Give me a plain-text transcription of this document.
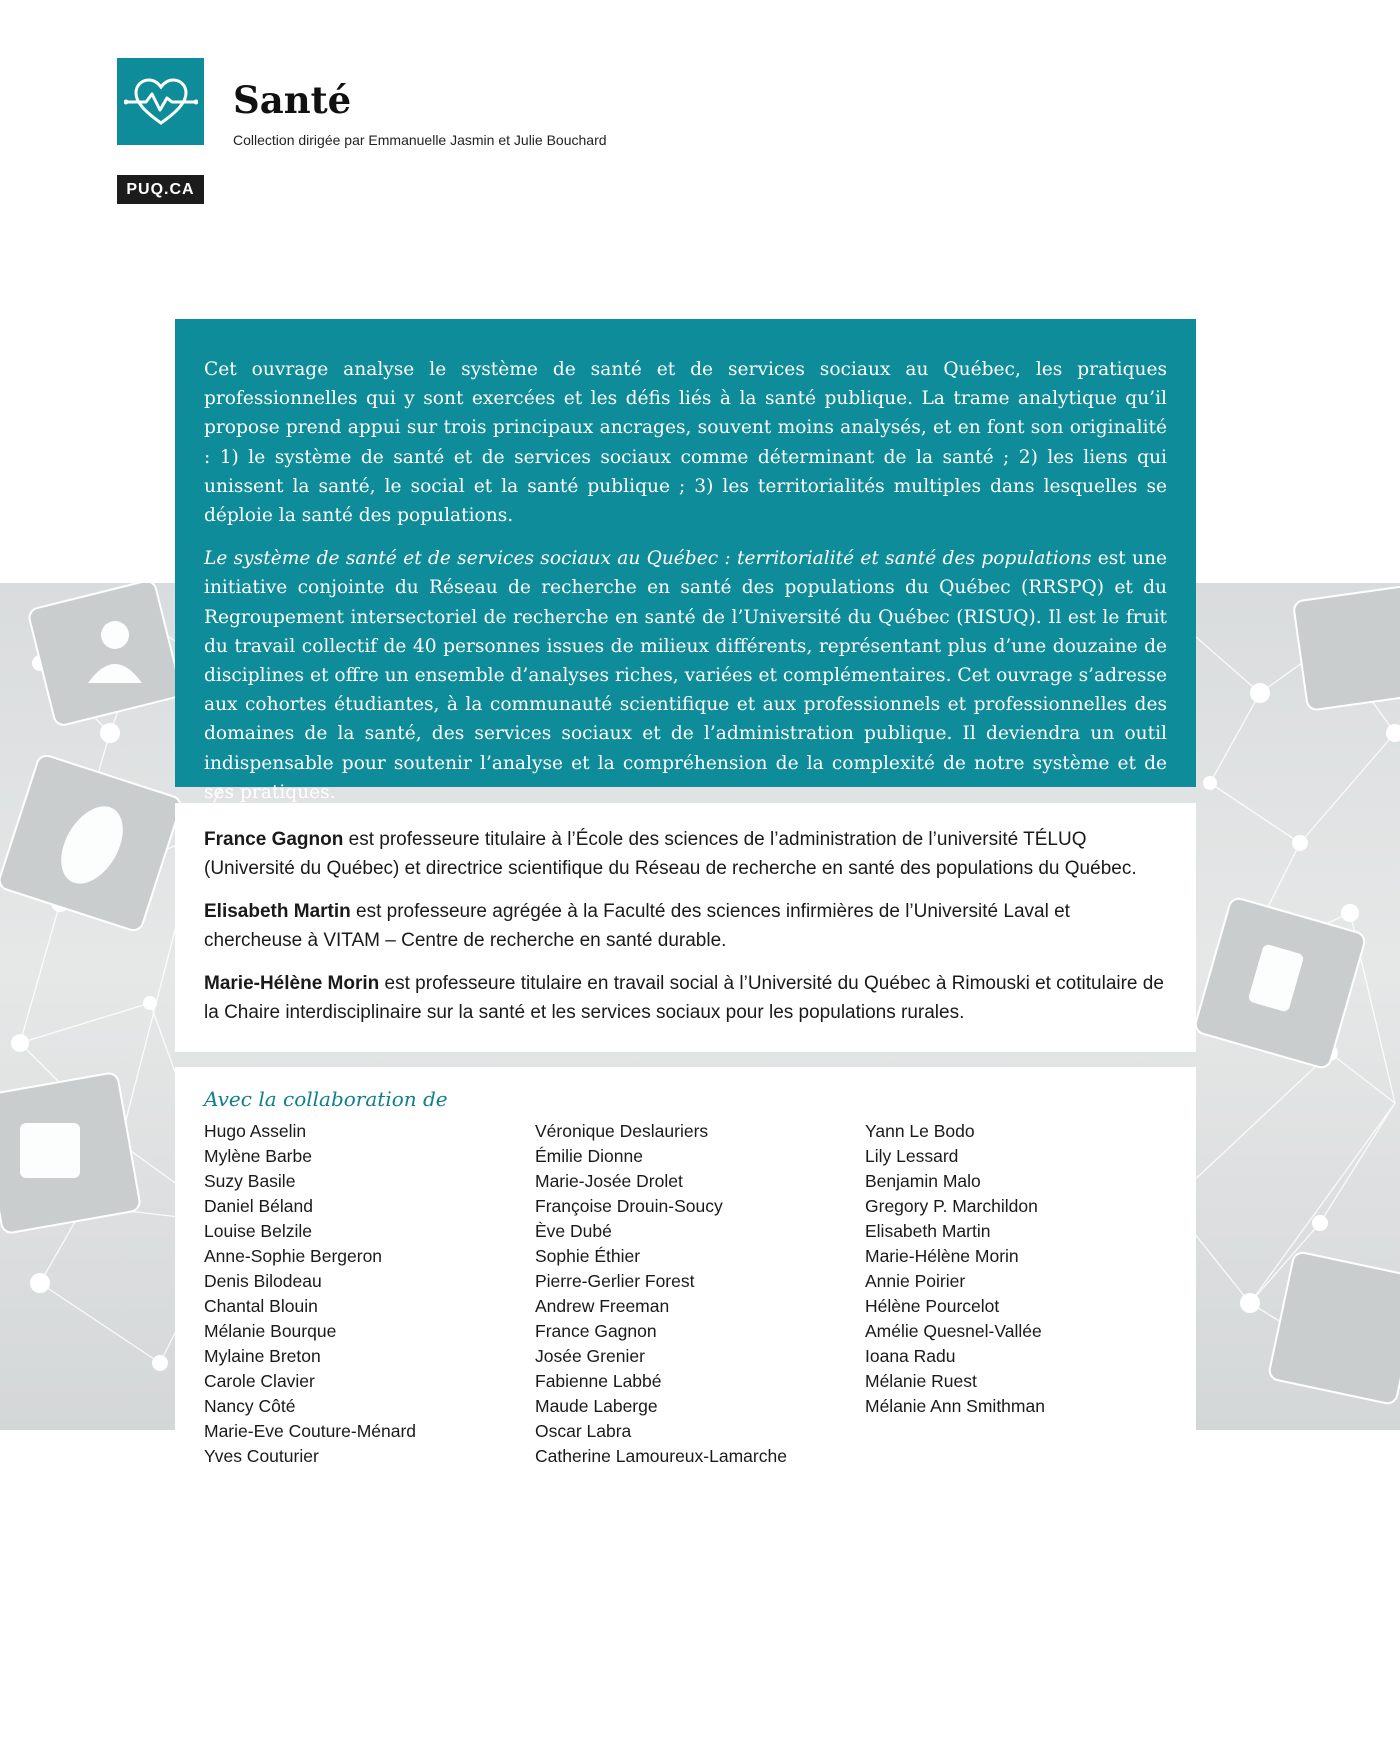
Santé
Collection dirigée par Emmanuelle Jasmin et Julie Bouchard
PUQ.CA

Cet ouvrage analyse le système de santé et de services sociaux au Québec, les pratiques professionnelles qui y sont exercées et les défis liés à la santé publique. La trame analytique qu’il propose prend appui sur trois principaux ancrages, souvent moins analysés, et en font son originalité : 1) le système de santé et de services sociaux comme déterminant de la santé ; 2) les liens qui unissent la santé, le social et la santé publique ; 3) les territorialités multiples dans lesquelles se déploie la santé des populations.

Le système de santé et de services sociaux au Québec : territorialité et santé des populations est une initiative conjointe du Réseau de recherche en santé des populations du Québec (RRSPQ) et du Regroupement intersectoriel de recherche en santé de l’Université du Québec (RISUQ). Il est le fruit du travail collectif de 40 personnes issues de milieux différents, représentant plus d’une douzaine de disciplines et offre un ensemble d’analyses riches, variées et complémentaires. Cet ouvrage s’adresse aux cohortes étudiantes, à la communauté scientifique et aux professionnels et professionnelles des domaines de la santé, des services sociaux et de l’administration publique. Il deviendra un outil indispensable pour soutenir l’analyse et la compréhension de la complexité de notre système et de ses pratiques.

France Gagnon est professeure titulaire à l’École des sciences de l’administration de l’université TÉLUQ (Université du Québec) et directrice scientifique du Réseau de recherche en santé des populations du Québec.

Elisabeth Martin est professeure agrégée à la Faculté des sciences infirmières de l’Université Laval et chercheuse à VITAM – Centre de recherche en santé durable.

Marie-Hélène Morin est professeure titulaire en travail social à l’Université du Québec à Rimouski et cotitulaire de la Chaire interdisciplinaire sur la santé et les services sociaux pour les populations rurales.

Avec la collaboration de
Hugo Asselin
Mylène Barbe
Suzy Basile
Daniel Béland
Louise Belzile
Anne-Sophie Bergeron
Denis Bilodeau
Chantal Blouin
Mélanie Bourque
Mylaine Breton
Carole Clavier
Nancy Côté
Marie-Eve Couture-Ménard
Yves Couturier
Véronique Deslauriers
Émilie Dionne
Marie-Josée Drolet
Françoise Drouin-Soucy
Ève Dubé
Sophie Éthier
Pierre-Gerlier Forest
Andrew Freeman
France Gagnon
Josée Grenier
Fabienne Labbé
Maude Laberge
Oscar Labra
Catherine Lamoureux-Lamarche
Yann Le Bodo
Lily Lessard
Benjamin Malo
Gregory P. Marchildon
Elisabeth Martin
Marie-Hélène Morin
Annie Poirier
Hélène Pourcelot
Amélie Quesnel-Vallée
Ioana Radu
Mélanie Ruest
Mélanie Ann Smithman
